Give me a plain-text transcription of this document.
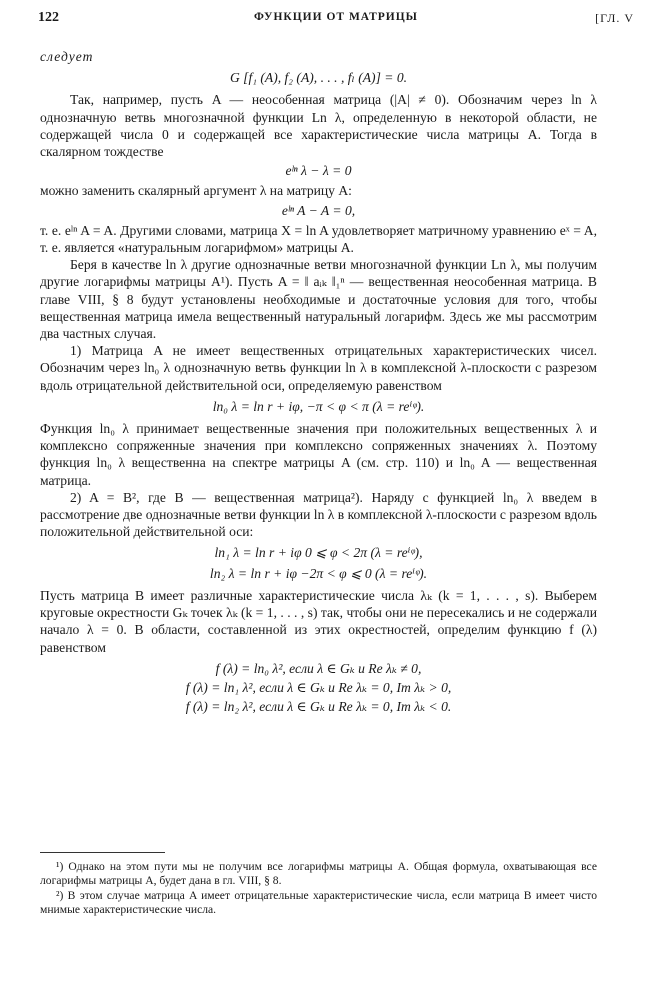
122	ФУНКЦИИ ОТ МАТРИЦЫ	[ГЛ. V

следует

G [f₁ (A), f₂ (A), . . . , fₗ (A)] = 0.

Так, например, пусть A — неособенная матрица (|A| ≠ 0). Обозначим через ln λ однозначную ветвь многозначной функции Ln λ, определенную в некоторой области, не содержащей числа 0 и содержащей все характеристические числа матрицы A. Тогда в скалярном тождестве

eˡⁿ λ − λ = 0

можно заменить скалярный аргумент λ на матрицу A:

eˡⁿ A − A = 0,

т. е. eˡⁿ A = A. Другими словами, матрица X = ln A удовлетворяет матричному уравнению eˣ = A, т. е. является «натуральным логарифмом» матрицы A.

Беря в качестве ln λ другие однозначные ветви многозначной функции Ln λ, мы получим другие логарифмы матрицы A¹). Пусть A = ‖ aᵢₖ ‖₁ⁿ — вещественная неособенная матрица. В главе VIII, § 8 будут установлены необходимые и достаточные условия для того, чтобы вещественная матрица имела вещественный натуральный логарифм. Здесь же мы рассмотрим два частных случая.

1) Матрица A не имеет вещественных отрицательных характеристических чисел. Обозначим через ln₀ λ однозначную ветвь функции ln λ в комплексной λ-плоскости с разрезом вдоль отрицательной действительной оси, определяемую равенством

ln₀ λ = ln r + iφ, −π < φ < π (λ = reⁱᵠ).

Функция ln₀ λ принимает вещественные значения при положительных вещественных λ и комплексно сопряженные значения при комплексно сопряженных значениях λ. Поэтому функция ln₀ λ вещественна на спектре матрицы A (см. стр. 110) и ln₀ A — вещественная матрица.

2) A = B², где B — вещественная матрица²). Наряду с функцией ln₀ λ введем в рассмотрение две однозначные ветви функции ln λ в комплексной λ-плоскости с разрезом вдоль положительной действительной оси:

ln₁ λ = ln r + iφ 0 ⩽ φ < 2π (λ = reⁱᵠ),
ln₂ λ = ln r + iφ −2π < φ ⩽ 0 (λ = reⁱᵠ).

Пусть матрица B имеет различные характеристические числа λₖ (k = 1, . . . , s). Выберем круговые окрестности Gₖ точек λₖ (k = 1, . . . , s) так, чтобы они не пересекались и не содержали начало λ = 0. В области, составленной из этих окрестностей, определим функцию f (λ) равенством

f (λ) = ln₀ λ², если λ ∈ Gₖ и Re λₖ ≠ 0,
f (λ) = ln₁ λ², если λ ∈ Gₖ и Re λₖ = 0, Im λₖ > 0,
f (λ) = ln₂ λ², если λ ∈ Gₖ и Re λₖ = 0, Im λₖ < 0.

¹) Однако на этом пути мы не получим все логарифмы матрицы A. Общая формула, охватывающая все логарифмы матрицы A, будет дана в гл. VIII, § 8.

²) В этом случае матрица A имеет отрицательные характеристические числа, если матрица B имеет чисто мнимые характеристические числа.
